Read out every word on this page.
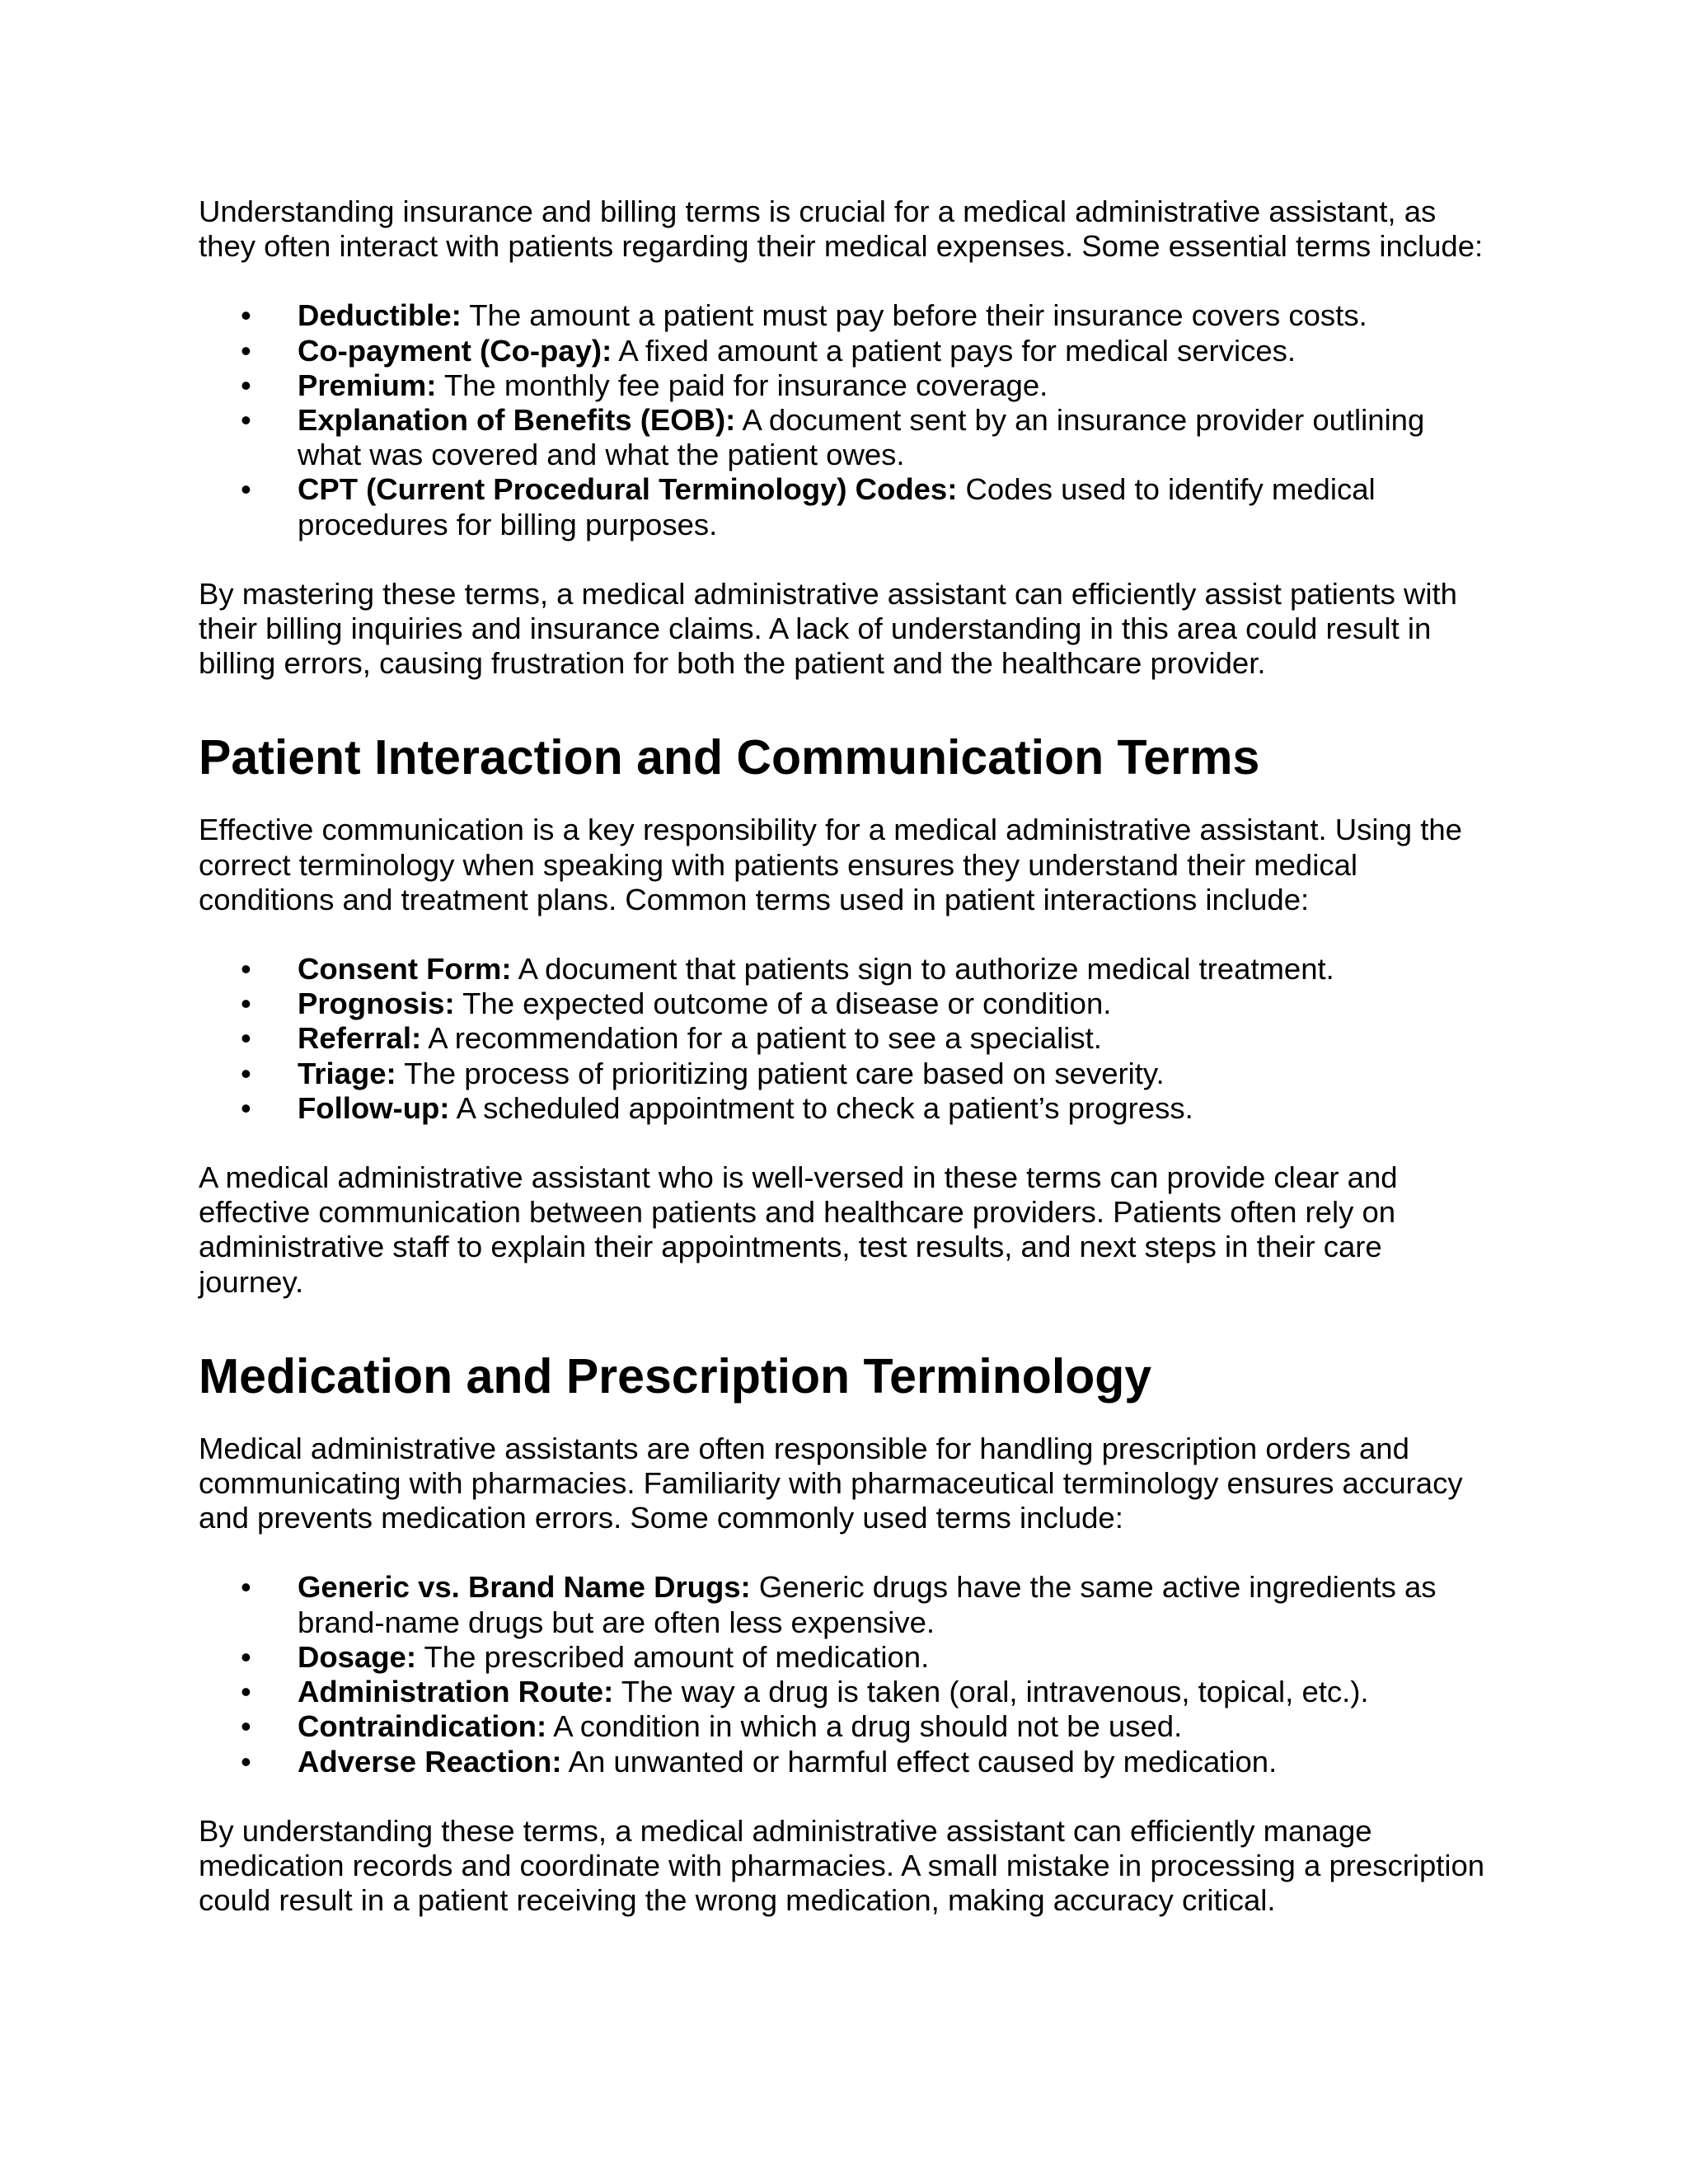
Understanding insurance and billing terms is crucial for a medical administrative assistant, as they often interact with patients regarding their medical expenses. Some essential terms include:

• Deductible: The amount a patient must pay before their insurance covers costs.
• Co-payment (Co-pay): A fixed amount a patient pays for medical services.
• Premium: The monthly fee paid for insurance coverage.
• Explanation of Benefits (EOB): A document sent by an insurance provider outlining what was covered and what the patient owes.
• CPT (Current Procedural Terminology) Codes: Codes used to identify medical procedures for billing purposes.

By mastering these terms, a medical administrative assistant can efficiently assist patients with their billing inquiries and insurance claims. A lack of understanding in this area could result in billing errors, causing frustration for both the patient and the healthcare provider.

Patient Interaction and Communication Terms

Effective communication is a key responsibility for a medical administrative assistant. Using the correct terminology when speaking with patients ensures they understand their medical conditions and treatment plans. Common terms used in patient interactions include:

• Consent Form: A document that patients sign to authorize medical treatment.
• Prognosis: The expected outcome of a disease or condition.
• Referral: A recommendation for a patient to see a specialist.
• Triage: The process of prioritizing patient care based on severity.
• Follow-up: A scheduled appointment to check a patient’s progress.

A medical administrative assistant who is well-versed in these terms can provide clear and effective communication between patients and healthcare providers. Patients often rely on administrative staff to explain their appointments, test results, and next steps in their care journey.

Medication and Prescription Terminology

Medical administrative assistants are often responsible for handling prescription orders and communicating with pharmacies. Familiarity with pharmaceutical terminology ensures accuracy and prevents medication errors. Some commonly used terms include:

• Generic vs. Brand Name Drugs: Generic drugs have the same active ingredients as brand-name drugs but are often less expensive.
• Dosage: The prescribed amount of medication.
• Administration Route: The way a drug is taken (oral, intravenous, topical, etc.).
• Contraindication: A condition in which a drug should not be used.
• Adverse Reaction: An unwanted or harmful effect caused by medication.

By understanding these terms, a medical administrative assistant can efficiently manage medication records and coordinate with pharmacies. A small mistake in processing a prescription could result in a patient receiving the wrong medication, making accuracy critical.
